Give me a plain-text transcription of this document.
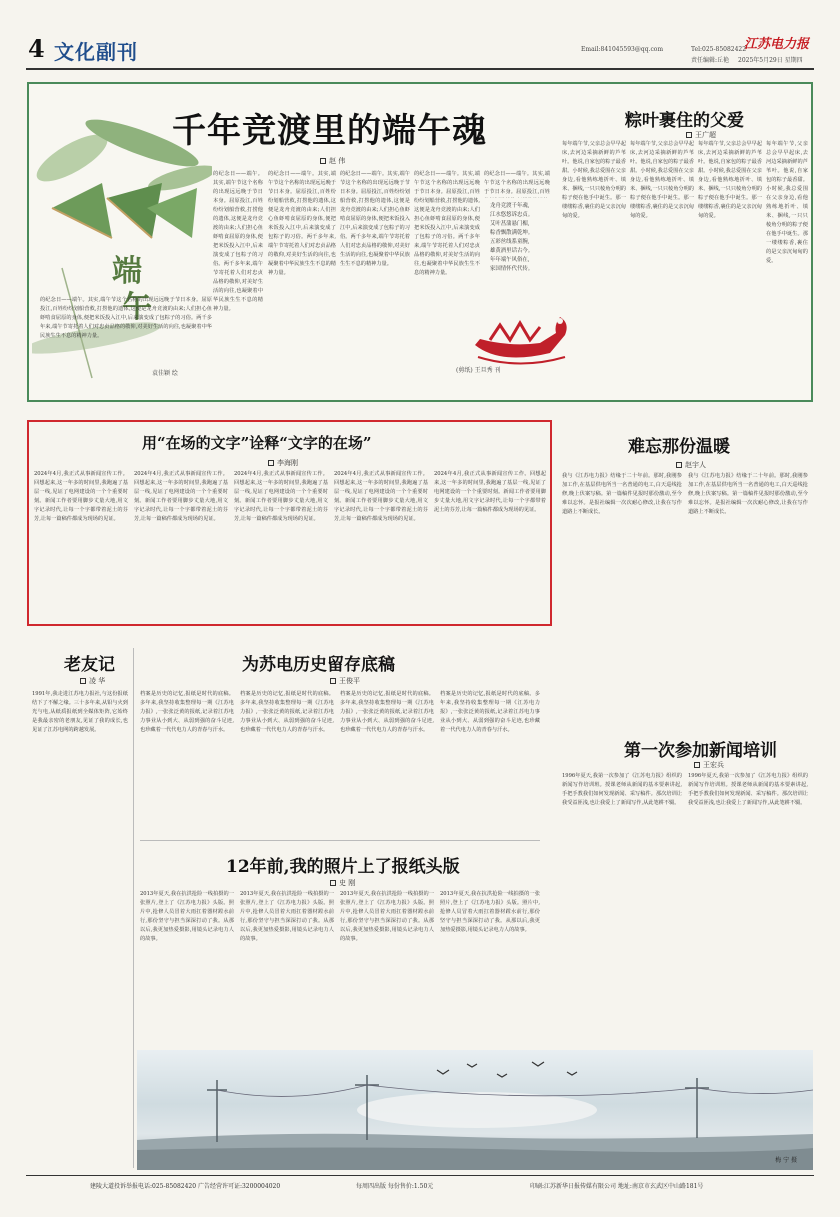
4 文化副刊	Email:841045593@qq.com	Tel:025-85082422
责任编辑:丘艳 2025年5月29日 星期四
江苏电力报
端
午
袁佳颖 绘
千年竞渡里的端午魂
赵 伟
的纪念日——端午。其实,端午节这个名称的出现远远晚于节日本身。屈原投江,百姓纷纷划船营救,打捞他的遗体,这便是龙舟竞渡的由来;人们担心鱼虾啃食屈原的身体,便把米饭投入江中,后来演变成了包粽子的习俗。两千多年来,端午节寄托着人们对忠贞品格的敬仰,对美好生活的向往,也凝聚着中华民族生生不息的精神力量。
的纪念日——端午。其实,端午节这个名称的出现远远晚于节日本身。屈原投江,百姓纷纷划船营救,打捞他的遗体,这便是龙舟竞渡的由来;人们担心鱼虾啃食屈原的身体,便把米饭投入江中,后来演变成了包粽子的习俗。两千多年来,端午节寄托着人们对忠贞品格的敬仰,对美好生活的向往,也凝聚着中华民族生生不息的精神力量。
的纪念日——端午。其实,端午节这个名称的出现远远晚于节日本身。屈原投江,百姓纷纷划船营救,打捞他的遗体,这便是龙舟竞渡的由来;人们担心鱼虾啃食屈原的身体,便把米饭投入江中,后来演变成了包粽子的习俗。两千多年来,端午节寄托着人们对忠贞品格的敬仰,对美好生活的向往,也凝聚着中华民族生生不息的精神力量。
的纪念日——端午。其实,端午节这个名称的出现远远晚于节日本身。屈原投江,百姓纷纷划船营救,打捞他的遗体,这便是龙舟竞渡的由来;人们担心鱼虾啃食屈原的身体,便把米饭投入江中,后来演变成了包粽子的习俗。两千多年来,端午节寄托着人们对忠贞品格的敬仰,对美好生活的向往,也凝聚着中华民族生生不息的精神力量。
的纪念日——端午。其实,端午节这个名称的出现远远晚于节日本身。屈原投江,百姓纷纷划船营救,打捞他的遗体,这便是龙舟竞渡的由来;人们担心鱼虾啃食屈原的身体,便把米饭投入江中,后来演变成了包粽子的习俗。两千多年来,端午节寄托着人们对忠贞品格的敬仰,对美好生活的向往,也凝聚着中华民族生生不息的精神力量。
的纪念日——端午。其实,端午节这个名称的出现远远晚于节日本身。屈原投江,百姓
龙舟竞渡千年魂,
江水悠悠诉忠贞。
艾叶菖蒲悬门楣,
粽香飘散满乾坤。
五彩丝线系童腕,
雄黄酒里话古今。
年年端午风俗在,
家国情怀代代传。
(剪纸) 王旦秀 刊
粽叶裹住的父爱
王广超
每年端午节,父亲总会早早起床,去河边采摘新鲜的芦苇叶。他说,自家包的粽子最香甜。小时候,我总爱围在父亲身边,看他熟练地折叶、填米、捆线,一只只棱角分明的粽子便在他手中诞生。那一缕缕粽香,裹住的是父亲沉甸甸的爱。
每年端午节,父亲总会早早起床,去河边采摘新鲜的芦苇叶。他说,自家包的粽子最香甜。小时候,我总爱围在父亲身边,看他熟练地折叶、填米、捆线,一只只棱角分明的粽子便在他手中诞生。那一缕缕粽香,裹住的是父亲沉甸甸的爱。
每年端午节,父亲总会早早起床,去河边采摘新鲜的芦苇叶。他说,自家包的粽子最香甜。小时候,我总爱围在父亲身边,看他熟练地折叶、填米、捆线,一只只棱角分明的粽子便在他手中诞生。那一缕缕粽香,裹住的是父亲沉甸甸的爱。
每年端午节,父亲总会早早起床,去河边采摘新鲜的芦苇叶。他说,自家包的粽子最香甜。小时候,我总爱围在父亲身边,看他熟练地折叶、填米、捆线,一只只棱角分明的粽子便在他手中诞生。那一缕缕粽香,裹住的是父亲沉甸甸的爱。
用“在场的文字”诠释“文字的在场”
李海刚
2024年4月,我正式从事新闻宣传工作。回想起来,这一年多的时间里,我跑遍了基层一线,见证了电网建设的一个个重要时刻。新闻工作者要用脚步丈量大地,用文字记录时代,让每一个字都带着泥土的芬芳,让每一篇稿件都成为现场的见证。
2024年4月,我正式从事新闻宣传工作。回想起来,这一年多的时间里,我跑遍了基层一线,见证了电网建设的一个个重要时刻。新闻工作者要用脚步丈量大地,用文字记录时代,让每一个字都带着泥土的芬芳,让每一篇稿件都成为现场的见证。
2024年4月,我正式从事新闻宣传工作。回想起来,这一年多的时间里,我跑遍了基层一线,见证了电网建设的一个个重要时刻。新闻工作者要用脚步丈量大地,用文字记录时代,让每一个字都带着泥土的芬芳,让每一篇稿件都成为现场的见证。
2024年4月,我正式从事新闻宣传工作。回想起来,这一年多的时间里,我跑遍了基层一线,见证了电网建设的一个个重要时刻。新闻工作者要用脚步丈量大地,用文字记录时代,让每一个字都带着泥土的芬芳,让每一篇稿件都成为现场的见证。
2024年4月,我正式从事新闻宣传工作。回想起来,这一年多的时间里,我跑遍了基层一线,见证了电网建设的一个个重要时刻。新闻工作者要用脚步丈量大地,用文字记录时代,让每一个字都带着泥土的芬芳,让每一篇稿件都成为现场的见证。
难忘那份温暖
赵宇人
我与《江苏电力报》结缘于二十年前。那时,我刚参加工作,在基层供电所当一名普通的电工,白天巡线抢修,晚上伏案写稿。第一篇稿件见报时那份激动,至今难以忘怀。是报社编辑一次次耐心修改,让我在写作道路上不断成长。
我与《江苏电力报》结缘于二十年前。那时,我刚参加工作,在基层供电所当一名普通的电工,白天巡线抢修,晚上伏案写稿。第一篇稿件见报时那份激动,至今难以忘怀。是报社编辑一次次耐心修改,让我在写作道路上不断成长。
老友记
凌 华
1991年,我走进江苏电力报社,与这份报纸结下了不解之缘。三十多年来,从铅与火到光与电,从纸质报纸到全媒体矩阵,它始终是我最亲密的老朋友,见证了我的成长,也见证了江苏电网的跨越发展。
为苏电历史留存底稿
王俊平
档案是历史的记忆,报纸是时代的底稿。多年来,我坚持收集整理每一期《江苏电力报》,一张张泛黄的报纸,记录着江苏电力事业从小到大、从弱到强的奋斗足迹,也珍藏着一代代电力人的青春与汗水。
档案是历史的记忆,报纸是时代的底稿。多年来,我坚持收集整理每一期《江苏电力报》,一张张泛黄的报纸,记录着江苏电力事业从小到大、从弱到强的奋斗足迹,也珍藏着一代代电力人的青春与汗水。
档案是历史的记忆,报纸是时代的底稿。多年来,我坚持收集整理每一期《江苏电力报》,一张张泛黄的报纸,记录着江苏电力事业从小到大、从弱到强的奋斗足迹,也珍藏着一代代电力人的青春与汗水。
档案是历史的记忆,报纸是时代的底稿。多年来,我坚持收集整理每一期《江苏电力报》,一张张泛黄的报纸,记录着江苏电力事业从小到大、从弱到强的奋斗足迹,也珍藏着一代代电力人的青春与汗水。
12年前,我的照片上了报纸头版
史 刚
2013年夏天,我在抗洪抢险一线拍摄的一张照片,登上了《江苏电力报》头版。照片中,抢修人员冒着大雨扛着器材蹚水前行,那份坚守与担当深深打动了我。从那以后,我更加热爱摄影,用镜头记录电力人的故事。
2013年夏天,我在抗洪抢险一线拍摄的一张照片,登上了《江苏电力报》头版。照片中,抢修人员冒着大雨扛着器材蹚水前行,那份坚守与担当深深打动了我。从那以后,我更加热爱摄影,用镜头记录电力人的故事。
2013年夏天,我在抗洪抢险一线拍摄的一张照片,登上了《江苏电力报》头版。照片中,抢修人员冒着大雨扛着器材蹚水前行,那份坚守与担当深深打动了我。从那以后,我更加热爱摄影,用镜头记录电力人的故事。
2013年夏天,我在抗洪抢险一线拍摄的一张照片,登上了《江苏电力报》头版。照片中,抢修人员冒着大雨扛着器材蹚水前行,那份坚守与担当深深打动了我。从那以后,我更加热爱摄影,用镜头记录电力人的故事。
第一次参加新闻培训
王宏兵
1996年夏天,我第一次参加了《江苏电力报》组织的新闻写作培训班。授课老师从新闻的基本要素讲起,手把手教我们如何发现新闻、采写稿件。那次培训让我受益匪浅,也让我爱上了新闻写作,从此笔耕不辍。
1996年夏天,我第一次参加了《江苏电力报》组织的新闻写作培训班。授课老师从新闻的基本要素讲起,手把手教我们如何发现新闻、采写稿件。那次培训让我受益匪浅,也让我爱上了新闻写作,从此笔耕不辍。
梅 宁 摄
建陵大道投诉举报电话:025-85082420 广告经营许可证:3200004020	每周四出版 每份售价:1.50元	印刷:江苏新华日报传媒有限公司 地址:南京市玄武区中山路181号
